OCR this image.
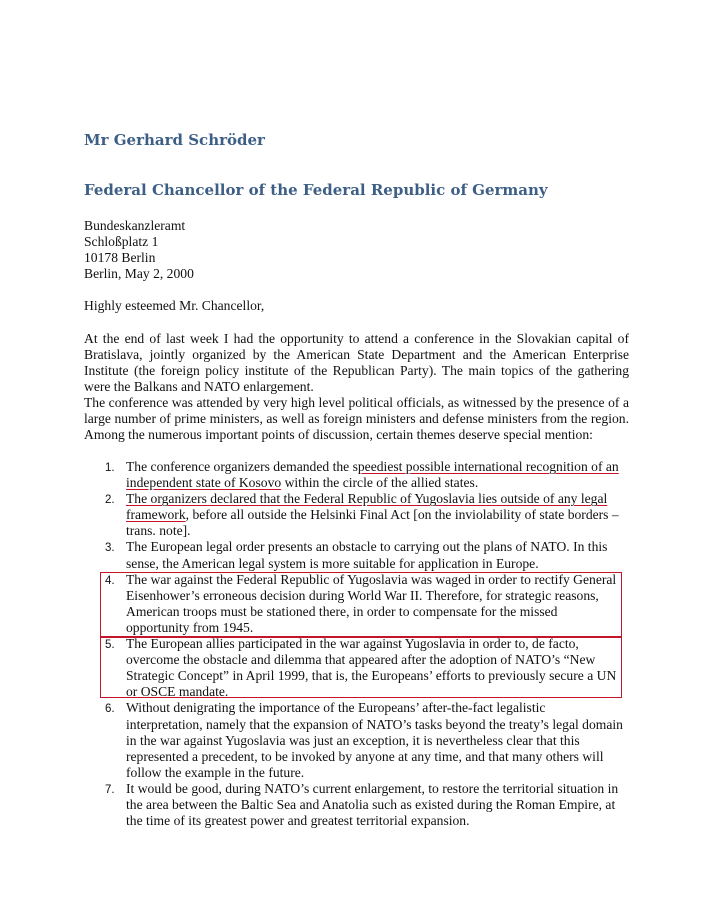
Mr Gerhard Schröder
Federal Chancellor of the Federal Republic of Germany
Bundeskanzleramt
Schloßplatz 1
10178 Berlin
Berlin, May 2, 2000
Highly esteemed Mr. Chancellor,
At the end of last week I had the opportunity to attend a conference in the Slovakian capital of Bratislava, jointly organized by the American State Department and the American Enterprise Institute (the foreign policy institute of the Republican Party). The main topics of the gathering were the Balkans and NATO enlargement.
The conference was attended by very high level political officials, as witnessed by the presence of a large number of prime ministers, as well as foreign ministers and defense ministers from the region. Among the numerous important points of discussion, certain themes deserve special mention:
1. The conference organizers demanded the speediest possible international recognition of an independent state of Kosovo within the circle of the allied states.
2. The organizers declared that the Federal Republic of Yugoslavia lies outside of any legal framework, before all outside the Helsinki Final Act [on the inviolability of state borders – trans. note].
3. The European legal order presents an obstacle to carrying out the plans of NATO. In this sense, the American legal system is more suitable for application in Europe.
4. The war against the Federal Republic of Yugoslavia was waged in order to rectify General Eisenhower’s erroneous decision during World War II. Therefore, for strategic reasons, American troops must be stationed there, in order to compensate for the missed opportunity from 1945.
5. The European allies participated in the war against Yugoslavia in order to, de facto, overcome the obstacle and dilemma that appeared after the adoption of NATO’s “New Strategic Concept” in April 1999, that is, the Europeans’ efforts to previously secure a UN or OSCE mandate.
6. Without denigrating the importance of the Europeans’ after-the-fact legalistic interpretation, namely that the expansion of NATO’s tasks beyond the treaty’s legal domain in the war against Yugoslavia was just an exception, it is nevertheless clear that this represented a precedent, to be invoked by anyone at any time, and that many others will follow the example in the future.
7. It would be good, during NATO’s current enlargement, to restore the territorial situation in the area between the Baltic Sea and Anatolia such as existed during the Roman Empire, at the time of its greatest power and greatest territorial expansion.
